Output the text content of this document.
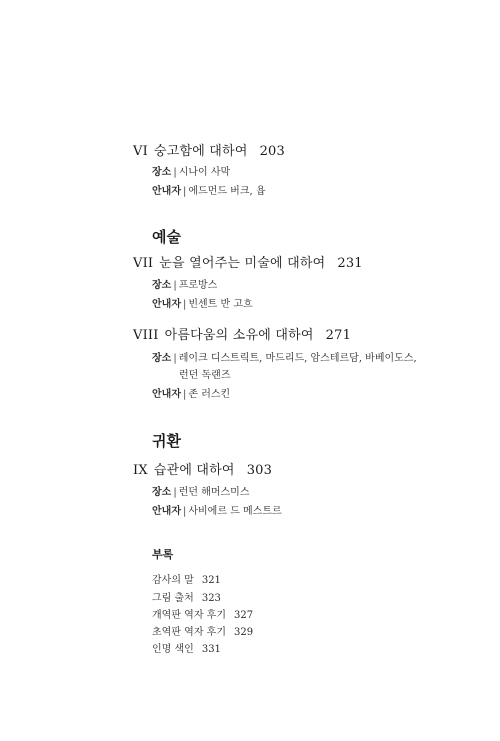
VI 숭고함에 대하여 203
장소 | 시나이 사막
안내자 | 에드먼드 버크, 욥
예술
VII 눈을 열어주는 미술에 대하여 231
장소 | 프로방스
안내자 | 빈센트 반 고흐
VIII 아름다움의 소유에 대하여 271
장소 | 레이크 디스트릭트, 마드리드, 암스테르담, 바베이도스,
런던 독랜즈
안내자 | 존 러스킨
귀환
IX 습관에 대하여 303
장소 | 런던 해머스미스
안내자 | 사비에르 드 메스트르
부록
감사의 말 321
그림 출처 323
개역판 역자 후기 327
초역판 역자 후기 329
인명 색인 331
